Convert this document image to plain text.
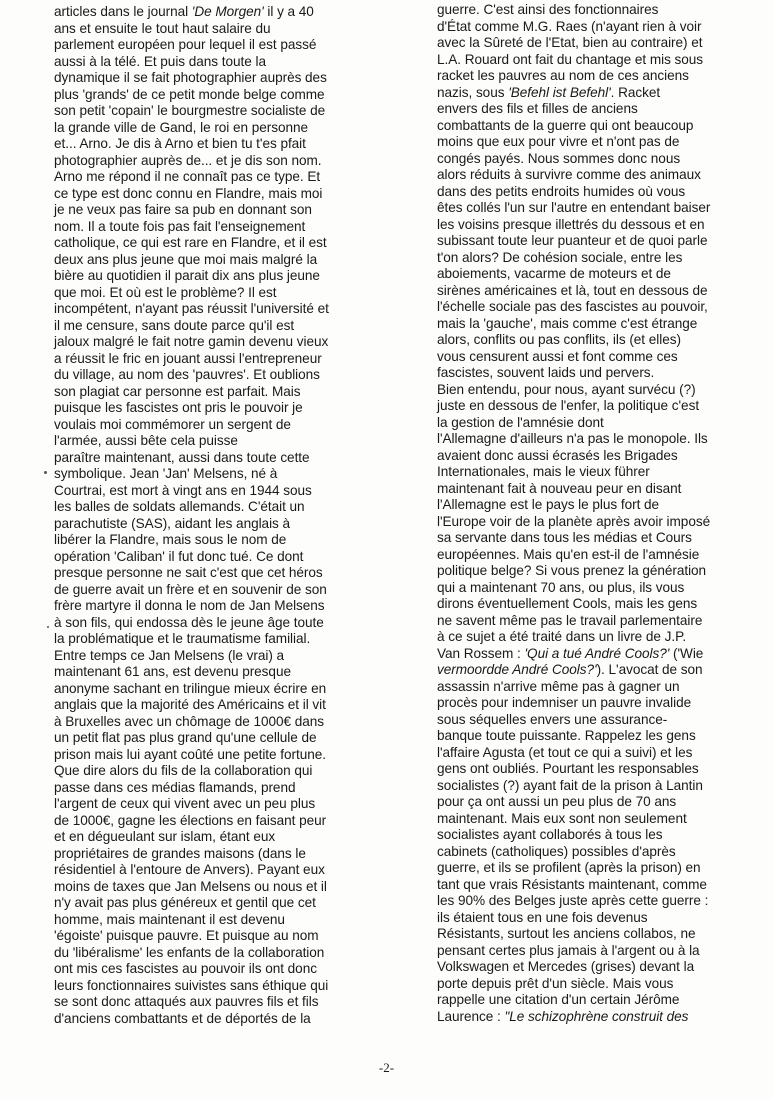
articles dans le journal 'De Morgen' il y a 40
ans et ensuite le tout haut salaire du
parlement européen pour lequel il est passé
aussi à la télé. Et puis dans toute la
dynamique il se fait photographier auprès des
plus 'grands' de ce petit monde belge comme
son petit 'copain' le bourgmestre socialiste de
la grande ville de Gand, le roi en personne
et... Arno. Je dis à Arno et bien tu t'es pfait
photographier auprès de... et je dis son nom.
Arno me répond il ne connaît pas ce type. Et
ce type est donc connu en Flandre, mais moi
je ne veux pas faire sa pub en donnant son
nom. Il a toute fois pas fait l'enseignement
catholique, ce qui est rare en Flandre, et il est
deux ans plus jeune que moi mais malgré la
bière au quotidien il parait dix ans plus jeune
que moi. Et où est le problème? Il est
incompétent, n'ayant pas réussit l'université et
il me censure, sans doute parce qu'il est
jaloux malgré le fait notre gamin devenu vieux
a réussit le fric en jouant aussi l'entrepreneur
du village, au nom des 'pauvres'. Et oublions
son plagiat car personne est parfait. Mais
puisque les fascistes ont pris le pouvoir je
voulais moi commémorer un sergent de
l'armée, aussi bête cela puisse
paraître maintenant, aussi dans toute cette
symbolique. Jean 'Jan' Melsens, né à
Courtrai, est mort à vingt ans en 1944 sous
les balles de soldats allemands. C'était un
parachutiste (SAS), aidant les anglais à
libérer la Flandre, mais sous le nom de
opération 'Caliban' il fut donc tué. Ce dont
presque personne ne sait c'est que cet héros
de guerre avait un frère et en souvenir de son
frère martyre il donna le nom de Jan Melsens
à son fils, qui endossa dès le jeune âge toute
la problématique et le traumatisme familial.
Entre temps ce Jan Melsens (le vrai) a
maintenant 61 ans, est devenu presque
anonyme sachant en trilingue mieux écrire en
anglais que la majorité des Américains et il vit
à Bruxelles avec un chômage de 1000€ dans
un petit flat pas plus grand qu'une cellule de
prison mais lui ayant coûté une petite fortune.
Que dire alors du fils de la collaboration qui
passe dans ces médias flamands, prend
l'argent de ceux qui vivent avec un peu plus
de 1000€, gagne les élections en faisant peur
et en dégueulant sur islam, étant eux
propriétaires de grandes maisons (dans le
résidentiel à l'entoure de Anvers). Payant eux
moins de taxes que Jan Melsens ou nous et il
n'y avait pas plus généreux et gentil que cet
homme, mais maintenant il est devenu
'égoiste' puisque pauvre. Et puisque au nom
du 'libéralisme' les enfants de la collaboration
ont mis ces fascistes au pouvoir ils ont donc
leurs fonctionnaires suivistes sans éthique qui
se sont donc attaqués aux pauvres fils et fils
d'anciens combattants et de déportés de la
guerre. C'est ainsi des fonctionnaires
d'État comme M.G. Raes (n'ayant rien à voir
avec la Sûreté de l'Etat, bien au contraire) et
L.A. Rouard ont fait du chantage et mis sous
racket les pauvres au nom de ces anciens
nazis, sous 'Befehl ist Befehl'. Racket
envers des fils et filles de anciens
combattants de la guerre qui ont beaucoup
moins que eux pour vivre et n'ont pas de
congés payés. Nous sommes donc nous
alors réduits à survivre comme des animaux
dans des petits endroits humides où vous
êtes collés l'un sur l'autre en entendant baiser
les voisins presque illettrés du dessous et en
subissant toute leur puanteur et de quoi parle
t'on alors? De cohésion sociale, entre les
aboiements, vacarme de moteurs et de
sirènes américaines et là, tout en dessous de
l'échelle sociale pas des fascistes au pouvoir,
mais la 'gauche', mais comme c'est étrange
alors, conflits ou pas conflits, ils (et elles)
vous censurent aussi et font comme ces
fascistes, souvent laids und pervers.
Bien entendu, pour nous, ayant survécu (?)
juste en dessous de l'enfer, la politique c'est
la gestion de l'amnésie dont
l'Allemagne d'ailleurs n'a pas le monopole. Ils
avaient donc aussi écrasés les Brigades
Internationales, mais le vieux führer
maintenant fait à nouveau peur en disant
l'Allemagne est le pays le plus fort de
l'Europe voir de la planète après avoir imposé
sa servante dans tous les médias et Cours
européennes. Mais qu'en est-il de l'amnésie
politique belge? Si vous prenez la génération
qui a maintenant 70 ans, ou plus, ils vous
dirons éventuellement Cools, mais les gens
ne savent même pas le travail parlementaire
à ce sujet a été traité dans un livre de J.P.
Van Rossem : 'Qui a tué André Cools?' ('Wie
vermoordde André Cools?'). L'avocat de son
assassin n'arrive même pas à gagner un
procès pour indemniser un pauvre invalide
sous séquelles envers une assurance-
banque toute puissante. Rappelez les gens
l'affaire Agusta (et tout ce qui a suivi) et les
gens ont oubliés. Pourtant les responsables
socialistes (?) ayant fait de la prison à Lantin
pour ça ont aussi un peu plus de 70 ans
maintenant. Mais eux sont non seulement
socialistes ayant collaborés à tous les
cabinets (catholiques) possibles d'après
guerre, et ils se profilent (après la prison) en
tant que vrais Résistants maintenant, comme
les 90% des Belges juste après cette guerre :
ils étaient tous en une fois devenus
Résistants, surtout les anciens collabos, ne
pensant certes plus jamais à l'argent ou à la
Volkswagen et Mercedes (grises) devant la
porte depuis prêt d'un siècle. Mais vous
rappelle une citation d'un certain Jérôme
Laurence : "Le schizophrène construit des
-2-
